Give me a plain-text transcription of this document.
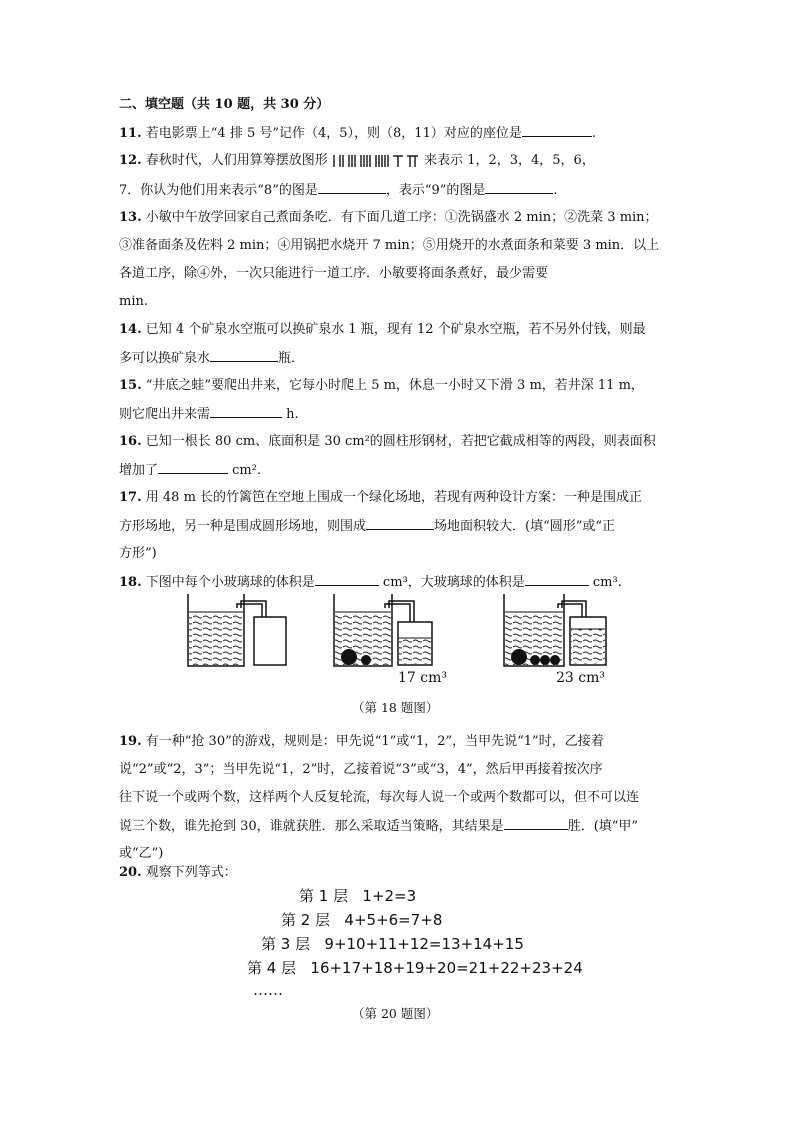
二、填空题（共 10 题，共 30 分）
11. 若电影票上“4 排 5 号”记作（4，5），则（8，11）对应的座位是	.
12. 春秋时代，人们用算筹摆放图形	来表示 1，2，3，4，5，6，
7．你认为他们用来表示“8”的图是	，表示“9”的图是	.
13. 小敏中午放学回家自己煮面条吃．有下面几道工序：①洗锅盛水 2 min；②洗菜 3 min；
③准备面条及佐料 2 min；④用锅把水烧开 7 min；⑤用烧开的水煮面条和菜要 3 min．以上
各道工序，除④外，一次只能进行一道工序．小敏要将面条煮好，最少需要
min.
14. 已知 4 个矿泉水空瓶可以换矿泉水 1 瓶，现有 12 个矿泉水空瓶，若不另外付钱，则最
多可以换矿泉水	瓶．
15. “井底之蛙”要爬出井来，它每小时爬上 5 m，休息一小时又下滑 3 m，若井深 11 m，
则它爬出井来需	h.
16. 已知一根长 80 cm、底面积是 30 cm²的圆柱形钢材，若把它截成相等的两段，则表面积
增加了	cm².
17. 用 48 m 长的竹篱笆在空地上围成一个绿化场地，若现有两种设计方案：一种是围成正
方形场地，另一种是围成圆形场地，则围成	场地面积较大．(填“圆形”或“正
方形”)
18. 下图中每个小玻璃球的体积是	cm³，大玻璃球的体积是	cm³.
17 cm³	23 cm³
（第 18 题图）
19. 有一种“抢 30”的游戏，规则是：甲先说“1”或“1，2”，当甲先说“1”时，乙接着
说“2”或“2，3”；当甲先说“1，2”时，乙接着说“3”或“3，4”，然后甲再接着按次序
往下说一个或两个数，这样两个人反复轮流，每次每人说一个或两个数都可以，但不可以连
说三个数，谁先抢到 30，谁就获胜．那么采取适当策略，其结果是	胜．(填“甲”
或“乙”)
20. 观察下列等式：
第 1 层 1+2=3
第 2 层 4+5+6=7+8
第 3 层 9+10+11+12=13+14+15
第 4 层 16+17+18+19+20=21+22+23+24
……
（第 20 题图）
